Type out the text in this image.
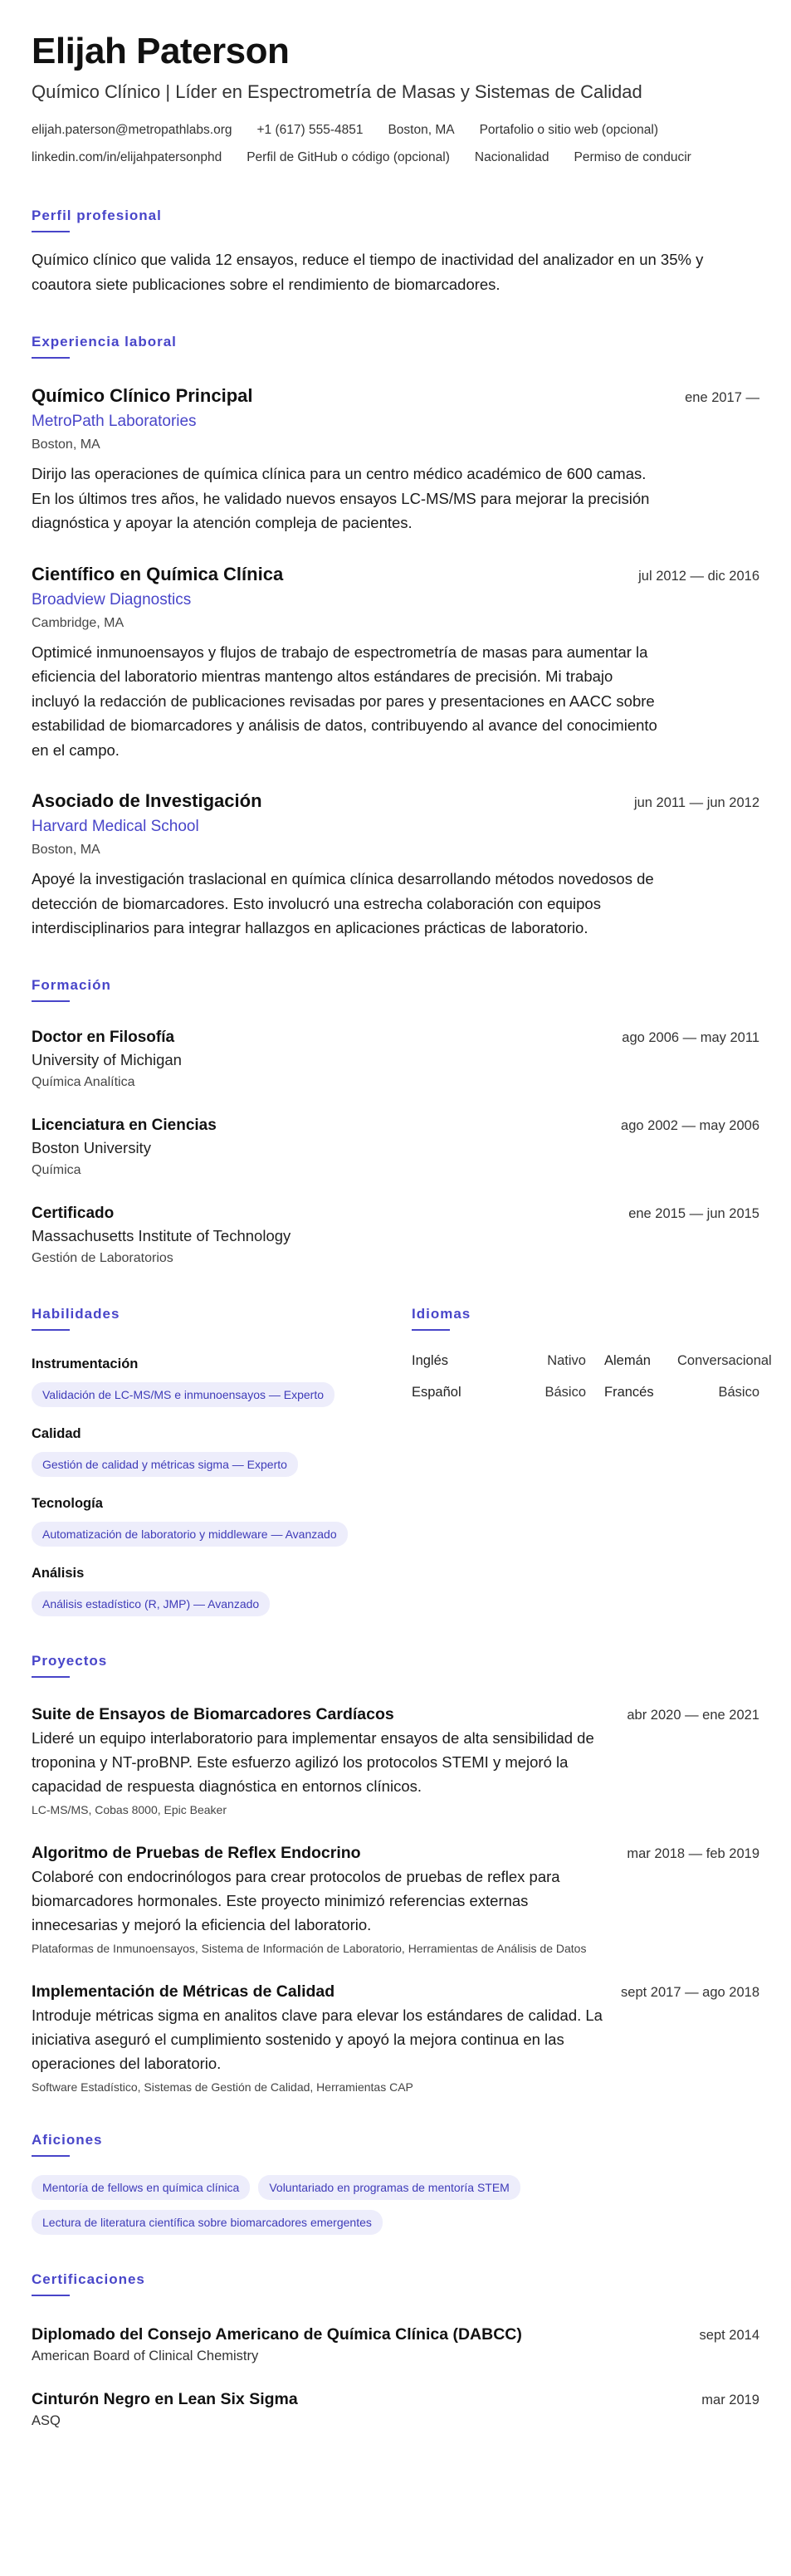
Elijah Paterson
Químico Clínico | Líder en Espectrometría de Masas y Sistemas de Calidad
elijah.paterson@metropathlabs.org +1 (617) 555-4851 Boston, MA Portafolio o sitio web (opcional)
linkedin.com/in/elijahpatersonphd Perfil de GitHub o código (opcional) Nacionalidad Permiso de conducir
Perfil profesional
Químico clínico que valida 12 ensayos, reduce el tiempo de inactividad del analizador en un 35% y coautora siete publicaciones sobre el rendimiento de biomarcadores.
Experiencia laboral
Químico Clínico Principal	ene 2017 —
MetroPath Laboratories
Boston, MA
Dirijo las operaciones de química clínica para un centro médico académico de 600 camas. En los últimos tres años, he validado nuevos ensayos LC-MS/MS para mejorar la precisión diagnóstica y apoyar la atención compleja de pacientes.
Científico en Química Clínica	jul 2012 — dic 2016
Broadview Diagnostics
Cambridge, MA
Optimicé inmunoensayos y flujos de trabajo de espectrometría de masas para aumentar la eficiencia del laboratorio mientras mantengo altos estándares de precisión. Mi trabajo incluyó la redacción de publicaciones revisadas por pares y presentaciones en AACC sobre estabilidad de biomarcadores y análisis de datos, contribuyendo al avance del conocimiento en el campo.
Asociado de Investigación	jun 2011 — jun 2012
Harvard Medical School
Boston, MA
Apoyé la investigación traslacional en química clínica desarrollando métodos novedosos de detección de biomarcadores. Esto involucró una estrecha colaboración con equipos interdisciplinarios para integrar hallazgos en aplicaciones prácticas de laboratorio.
Formación
Doctor en Filosofía	ago 2006 — may 2011
University of Michigan
Química Analítica
Licenciatura en Ciencias	ago 2002 — may 2006
Boston University
Química
Certificado	ene 2015 — jun 2015
Massachusetts Institute of Technology
Gestión de Laboratorios
Habilidades
Instrumentación
Validación de LC-MS/MS e inmunoensayos — Experto
Calidad
Gestión de calidad y métricas sigma — Experto
Tecnología
Automatización de laboratorio y middleware — Avanzado
Análisis
Análisis estadístico (R, JMP) — Avanzado
Idiomas
Inglés	Nativo	Alemán	Conversacional
Español	Básico	Francés	Básico
Proyectos
Suite de Ensayos de Biomarcadores Cardíacos	abr 2020 — ene 2021
Lideré un equipo interlaboratorio para implementar ensayos de alta sensibilidad de troponina y NT-proBNP. Este esfuerzo agilizó los protocolos STEMI y mejoró la capacidad de respuesta diagnóstica en entornos clínicos.
LC-MS/MS, Cobas 8000, Epic Beaker
Algoritmo de Pruebas de Reflex Endocrino	mar 2018 — feb 2019
Colaboré con endocrinólogos para crear protocolos de pruebas de reflex para biomarcadores hormonales. Este proyecto minimizó referencias externas innecesarias y mejoró la eficiencia del laboratorio.
Plataformas de Inmunoensayos, Sistema de Información de Laboratorio, Herramientas de Análisis de Datos
Implementación de Métricas de Calidad	sept 2017 — ago 2018
Introduje métricas sigma en analitos clave para elevar los estándares de calidad. La iniciativa aseguró el cumplimiento sostenido y apoyó la mejora continua en las operaciones del laboratorio.
Software Estadístico, Sistemas de Gestión de Calidad, Herramientas CAP
Aficiones
Mentoría de fellows en química clínica	Voluntariado en programas de mentoría STEM
Lectura de literatura científica sobre biomarcadores emergentes
Certificaciones
Diplomado del Consejo Americano de Química Clínica (DABCC)	sept 2014
American Board of Clinical Chemistry
Cinturón Negro en Lean Six Sigma	mar 2019
ASQ
